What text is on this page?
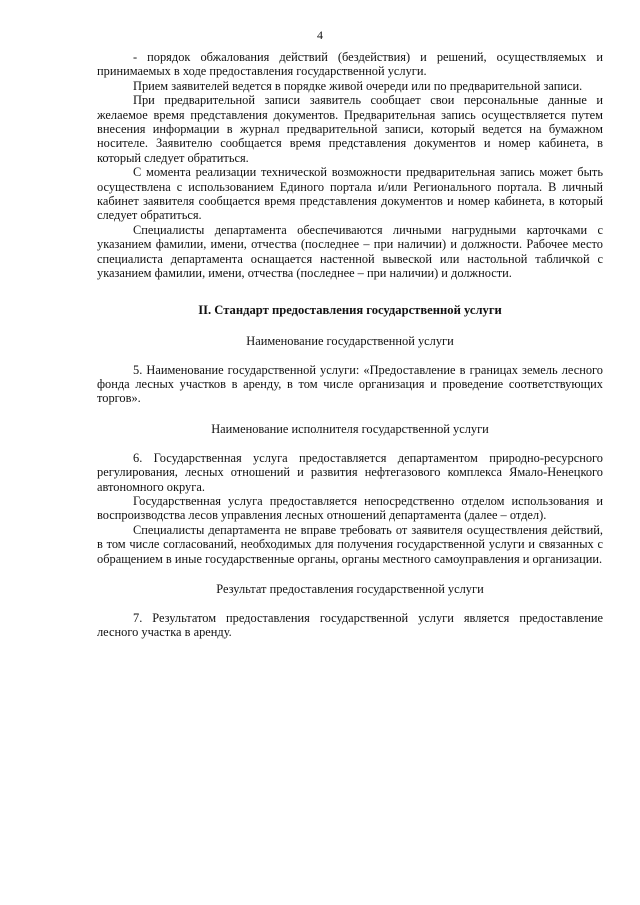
4

- порядок обжалования действий (бездействия) и решений, осуществляемых и принимаемых в ходе предоставления государственной услуги.

Прием заявителей ведется в порядке живой очереди или по предварительной записи.

При предварительной записи заявитель сообщает свои персональные данные и желаемое время представления документов. Предварительная запись осуществляется путем внесения информации в журнал предварительной записи, который ведется на бумажном носителе. Заявителю сообщается время представления документов и номер кабинета, в который следует обратиться.

С момента реализации технической возможности предварительная запись может быть осуществлена с использованием Единого портала и/или Регионального портала. В личный кабинет заявителя сообщается время представления документов и номер кабинета, в который следует обратиться.

Специалисты департамента обеспечиваются личными нагрудными карточками с указанием фамилии, имени, отчества (последнее – при наличии) и должности. Рабочее место специалиста департамента оснащается настенной вывеской или настольной табличкой с указанием фамилии, имени, отчества (последнее – при наличии) и должности.

II. Стандарт предоставления государственной услуги
Наименование государственной услуги

5. Наименование государственной услуги: «Предоставление в границах земель лесного фонда лесных участков в аренду, в том числе организация и проведение соответствующих торгов».

Наименование исполнителя государственной услуги

6. Государственная услуга предоставляется департаментом природно-ресурсного регулирования, лесных отношений и развития нефтегазового комплекса Ямало-Ненецкого автономного округа.

Государственная услуга предоставляется непосредственно отделом использования и воспроизводства лесов управления лесных отношений департамента (далее – отдел).

Специалисты департамента не вправе требовать от заявителя осуществления действий, в том числе согласований, необходимых для получения государственной услуги и связанных с обращением в иные государственные органы, органы местного самоуправления и организации.

Результат предоставления государственной услуги

7. Результатом предоставления государственной услуги является предоставление лесного участка в аренду.
